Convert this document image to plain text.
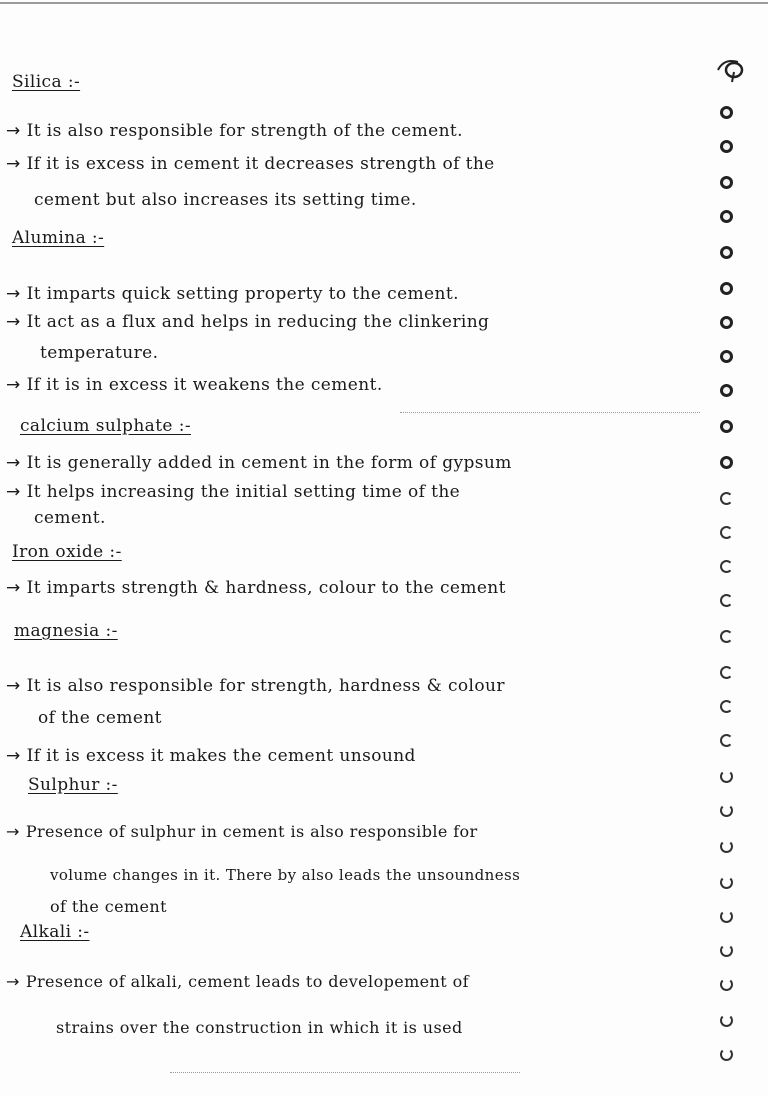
Silica :-
→ It is also responsible for strength of the cement.
→ If it is excess in cement it decreases strength of the
cement but also increases its setting time.
Alumina :-
→ It imparts quick setting property to the cement.
→ It act as a flux and helps in reducing the clinkering
temperature.
→ If it is in excess it weakens the cement.
calcium sulphate :-
→ It is generally added in cement in the form of gypsum
→ It helps increasing the initial setting time of the
cement.
Iron oxide :-
→ It imparts strength & hardness, colour to the cement
magnesia :-
→ It is also responsible for strength, hardness & colour
of the cement
→ If it is excess it makes the cement unsound
Sulphur :-
→ Presence of sulphur in cement is also responsible for
volume changes in it. There by also leads the unsoundness
of the cement
Alkali :-
→ Presence of alkali, cement leads to developement of
strains over the construction in which it is used
